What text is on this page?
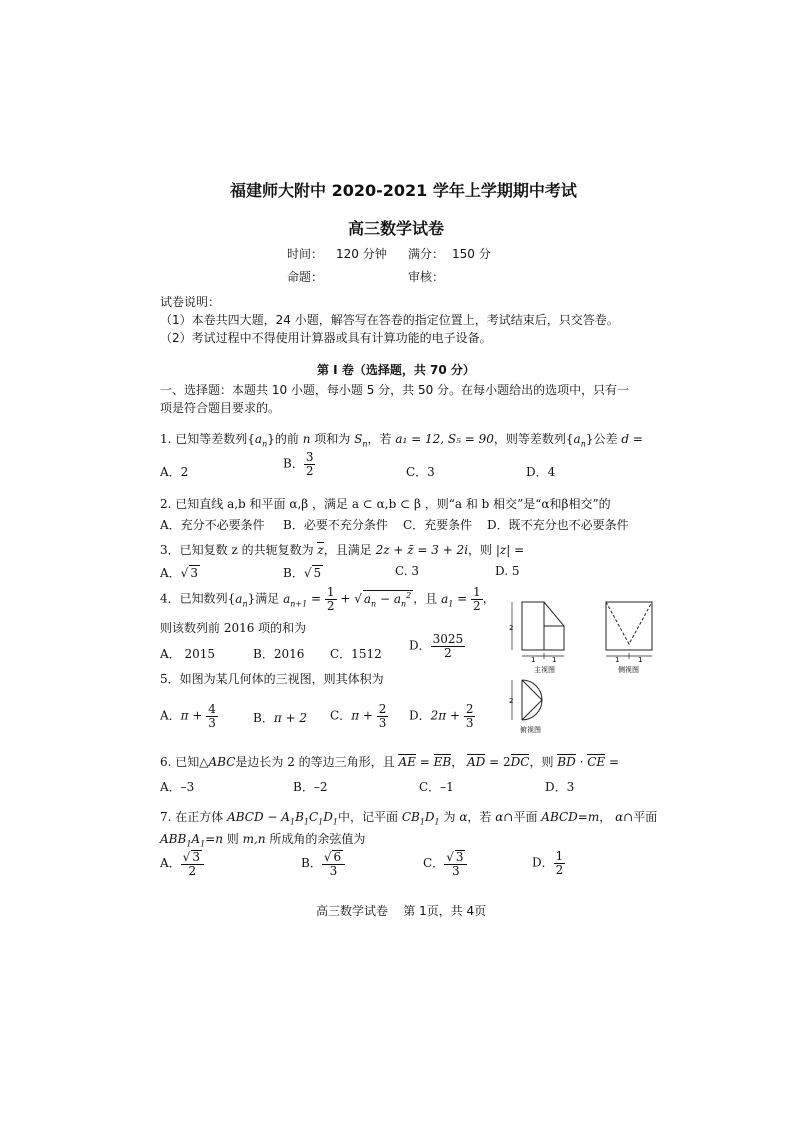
福建师大附中 2020-2021 学年上学期期中考试
高三数学试卷
时间： 120 分钟 满分： 150 分
命题：	审核：
试卷说明：
（1）本卷共四大题，24 小题，解答写在答卷的指定位置上，考试结束后，只交答卷。
（2）考试过程中不得使用计算器或具有计算功能的电子设备。
第 I 卷（选择题，共 70 分）
一、选择题：本题共 10 小题，每小题 5 分，共 50 分。在每小题给出的选项中，只有一
项是符合题目要求的。
1. 已知等差数列$\{a_n\}$的前 n 项和为 $S_n$，若 a₁ = 12, S₅ = 90，则等差数列$\{a_n\}$公差 d =
A．2
B． $\frac{3}{2}$	C．3	D．4
2. 已知直线 a,b 和平面 α,β ，满足 a ⊂ α,b ⊂ β ，则“a 和 b 相交”是“α和β相交”的
A．充分不必要条件 B．必要不充分条件 C．充要条件 D．既不充分也不必要条件
3．已知复数 z 的共轭复数为 z，且满足 2z + z̄ = 3 + 2i，则 |z| =
A．√ 3	B．√ 5	C. 3	D. 5
4．已知数列$\{a_n\}$满足 $a_{n+1} = \frac{1}{2}$ + √ $a_n - a_n^2$ ，且 $a_1 = \frac{1}{2}$ ，
则该数列前 2016 项的和为
A． 2015	B．2016 C．1512
D． $\frac{3025}{2}$
5．如图为某几何体的三视图，则其体积为
A．$\pi + \frac{4}{3}$	B．π + 2 C．$\pi + \frac{2}{3}$ D．$2\pi + \frac{2}{3}$
2
1 1
主视图
1	1
侧视图
2
俯视图
6. 已知△ABC是边长为 2 的等边三角形，且 AE = EB， AD = 2DC，则 BD · CE =
A．–3	B．–2	C．–1	D．3
7. 在正方体 ABCD − $A_1B_1C_1D_1$中，记平面 $CB_1D_1$ 为 α，若 α∩平面 ABCD=m， α∩平面
$ABB_1A_1=n$ 则 m,n 所成角的余弦值为
A． $\frac{√ 3}{2}$	B． $\frac{√ 6}{3}$	C． $\frac{√ 3}{3}$	D． $\frac{1}{2}$
高三数学试卷    第 1页，共 4页
